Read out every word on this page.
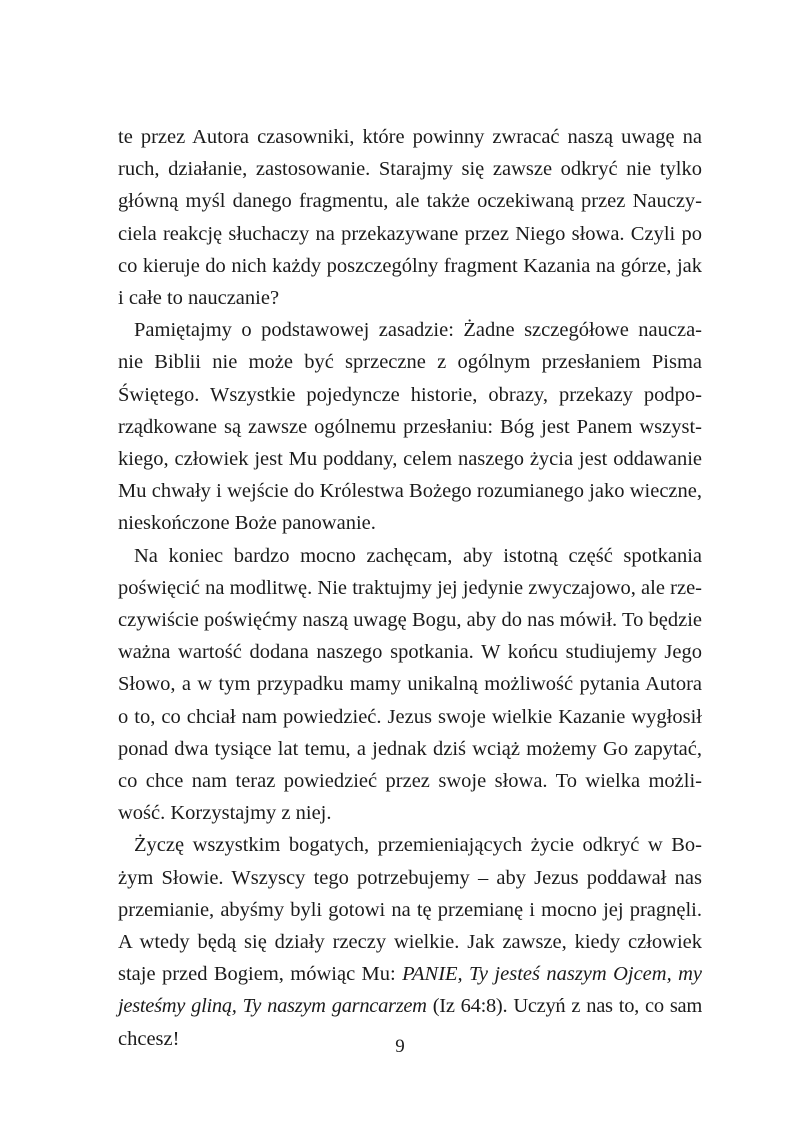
te przez Autora czasowniki, które powinny zwracać naszą uwagę na
ruch, działanie, zastosowanie. Starajmy się zawsze odkryć nie tylko
główną myśl danego fragmentu, ale także oczekiwaną przez Nauczy-
ciela reakcję słuchaczy na przekazywane przez Niego słowa. Czyli po
co kieruje do nich każdy poszczególny fragment Kazania na górze, jak
i całe to nauczanie?

Pamiętajmy o podstawowej zasadzie: Żadne szczegółowe naucza-
nie Biblii nie może być sprzeczne z ogólnym przesłaniem Pisma
Świętego. Wszystkie pojedyncze historie, obrazy, przekazy podpo-
rządkowane są zawsze ogólnemu przesłaniu: Bóg jest Panem wszyst-
kiego, człowiek jest Mu poddany, celem naszego życia jest oddawanie
Mu chwały i wejście do Królestwa Bożego rozumianego jako wieczne,
nieskończone Boże panowanie.

Na koniec bardzo mocno zachęcam, aby istotną część spotkania
poświęcić na modlitwę. Nie traktujmy jej jedynie zwyczajowo, ale rze-
czywiście poświęćmy naszą uwagę Bogu, aby do nas mówił. To będzie
ważna wartość dodana naszego spotkania. W końcu studiujemy Jego
Słowo, a w tym przypadku mamy unikalną możliwość pytania Autora
o to, co chciał nam powiedzieć. Jezus swoje wielkie Kazanie wygłosił
ponad dwa tysiące lat temu, a jednak dziś wciąż możemy Go zapytać,
co chce nam teraz powiedzieć przez swoje słowa. To wielka możli-
wość. Korzystajmy z niej.

Życzę wszystkim bogatych, przemieniających życie odkryć w Bo-
żym Słowie. Wszyscy tego potrzebujemy – aby Jezus poddawał nas
przemianie, abyśmy byli gotowi na tę przemianę i mocno jej pragnęli.
A wtedy będą się działy rzeczy wielkie. Jak zawsze, kiedy człowiek
staje przed Bogiem, mówiąc Mu: PANIE, Ty jesteś naszym Ojcem, my
jesteśmy gliną, Ty naszym garncarzem (Iz 64:8). Uczyń z nas to, co sam
chcesz!	9
